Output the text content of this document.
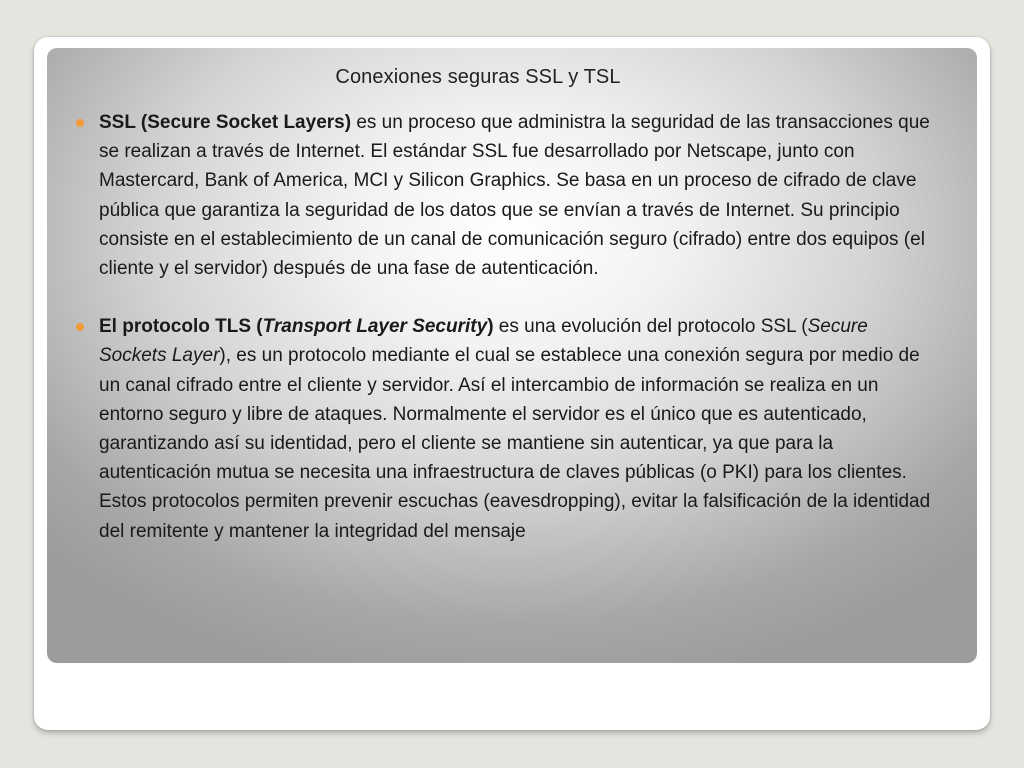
Conexiones seguras SSL y TSL

SSL (Secure Socket Layers) es un proceso que administra la seguridad de las transacciones que se realizan a través de Internet. El estándar SSL fue desarrollado por Netscape, junto con Mastercard, Bank of America, MCI y Silicon Graphics. Se basa en un proceso de cifrado de clave pública que garantiza la seguridad de los datos que se envían a través de Internet. Su principio consiste en el establecimiento de un canal de comunicación seguro (cifrado) entre dos equipos (el cliente y el servidor) después de una fase de autenticación.

El protocolo TLS (Transport Layer Security) es una evolución del protocolo SSL (Secure Sockets Layer), es un protocolo mediante el cual se establece una conexión segura por medio de un canal cifrado entre el cliente y servidor. Así el intercambio de información se realiza en un entorno seguro y libre de ataques. Normalmente el servidor es el único que es autenticado, garantizando así su identidad, pero el cliente se mantiene sin autenticar, ya que para la autenticación mutua se necesita una infraestructura de claves públicas (o PKI) para los clientes. Estos protocolos permiten prevenir escuchas (eavesdropping), evitar la falsificación de la identidad del remitente y mantener la integridad del mensaje
